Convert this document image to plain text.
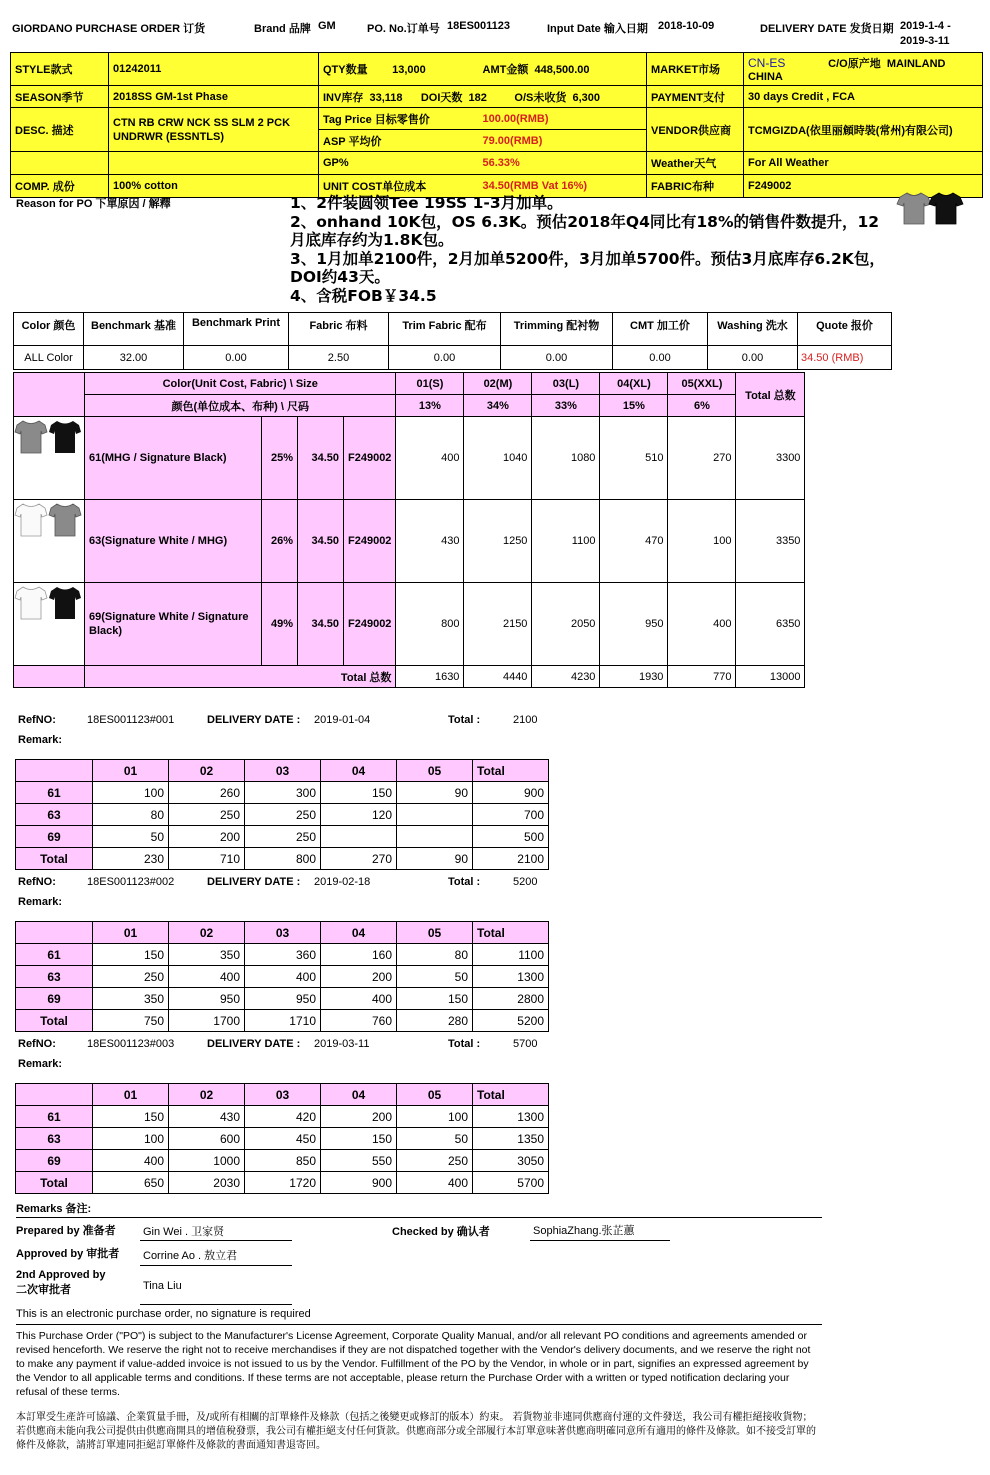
GIORDANO PURCHASE ORDER 订货	Brand 品牌 GM	PO. No.订单号 18ES001123	Input Date 输入日期 2018-10-09	DELIVERY DATE 发货日期 2019-1-4 -
2019-3-11
STYLE款式	01242011	QTY数量 13,000	AMT金额 448,500.00	MARKET市场	CN-ES C/O原产地 MAINLAND CHINA
SEASON季节	2018SS GM-1st Phase	INV库存 33,118 DOI天数 182 O/S未收货 6,300		PAYMENT支付	30 days Credit , FCA
DESC. 描述	CTN RB CRW NCK SS SLM 2 PCK UNDRWR (ESSNTLS)	Tag Price 目标零售价	100.00(RMB)	VENDOR供应商	TCMGIZDA(依里丽頠時裝(常州)有限公司)
		ASP 平均价	79.00(RMB)		
		GP%	56.33%	Weather天气	For All Weather
COMP. 成份	100% cotton	UNIT COST单位成本	34.50(RMB Vat 16%)	FABRIC布种	F249002
Reason for PO 下單原因 / 解釋	1、2件装圆领Tee 19SS 1-3月加单。
2、onhand 10K包，OS 6.3K。预估2018年Q4同比有18%的销售件数提升，12月底库存约为1.8K包。
3、1月加单2100件，2月加单5200件，3月加单5700件。预估3月底库存6.2K包，DOI约43天。
4、含税FOB￥34.5
Color 颜色	Benchmark 基准	Benchmark Print	Fabric 布料	Trim Fabric 配布	Trimming 配衬物	CMT 加工价	Washing 洗水	Quote 报价
ALL Color	32.00	0.00	2.50	0.00	0.00	0.00	0.00	34.50 (RMB)
	Color(Unit Cost, Fabric) \ Size				01(S)	02(M)	03(L)	04(XL)	05(XXL)	Total 总数
	颜色(单位成本、布种) \ 尺码				13%	34%	33%	15%	6%	
	61(MHG / Signature Black)	25%	34.50	F249002	400	1040	1080	510	270	3300
	63(Signature White / MHG)	26%	34.50	F249002	430	1250	1100	470	100	3350
	69(Signature White / Signature Black)	49%	34.50	F249002	800	2150	2050	950	400	6350
	Total 总数				1630	4440	4230	1930	770	13000
RefNO:	18ES001123#001	DELIVERY DATE : 2019-01-04	Total :	2100
Remark:
	01	02	03	04	05	Total
61	100	260	300	150	90	900
63	80	250	250	120		700
69	50	200	250			500
Total	230	710	800	270	90	2100
RefNO:	18ES001123#002	DELIVERY DATE : 2019-02-18	Total :	5200
Remark:
	01	02	03	04	05	Total
61	150	350	360	160	80	1100
63	250	400	400	200	50	1300
69	350	950	950	400	150	2800
Total	750	1700	1710	760	280	5200
RefNO:	18ES001123#003	DELIVERY DATE : 2019-03-11	Total :	5700
Remark:
	01	02	03	04	05	Total
61	150	430	420	200	100	1300
63	100	600	450	150	50	1350
69	400	1000	850	550	250	3050
Total	650	2030	1720	900	400	5700
Remarks 备注:
Prepared by 准备者 Gin Wei . 卫家贤	Checked by 确认者	SophiaZhang.张芷蕙
Approved by 审批者 Corrine Ao . 敖立君
2nd Approved by
二次审批者	Tina Liu
This is an electronic purchase order, no signature is required
This Purchase Order ("PO") is subject to the Manufacturer's License Agreement, Corporate Quality Manual, and/or all relevant PO conditions and agreements amended or revised henceforth. We reserve the right not to receive merchandises if they are not dispatched together with the Vendor's delivery documents, and we reserve the right not to make any payment if value-added invoice is not issued to us by the Vendor. Fulfillment of the PO by the Vendor, in whole or in part, signifies an expressed agreement by the Vendor to all applicable terms and conditions. If these terms are not acceptable, please return the Purchase Order with a written or typed notification declaring your refusal of these terms.
本訂單受生產許可協議、企業質量手冊，及/或所有相關的訂單條件及條款（包括之後變更或修訂的版本）約束。 若貨物並非連同供應商付運的文件發送，我公司有權拒絕接收貨物；若供應商未能向我公司提供由供應商開具的增值稅發票，我公司有權拒絕支付任何貨款。供應商部分或全部履行本訂單意味著供應商明確同意所有適用的條件及條款。如不接受訂單的條件及條款，請將訂單連同拒絕訂單條件及條款的書面通知書退寄回。
